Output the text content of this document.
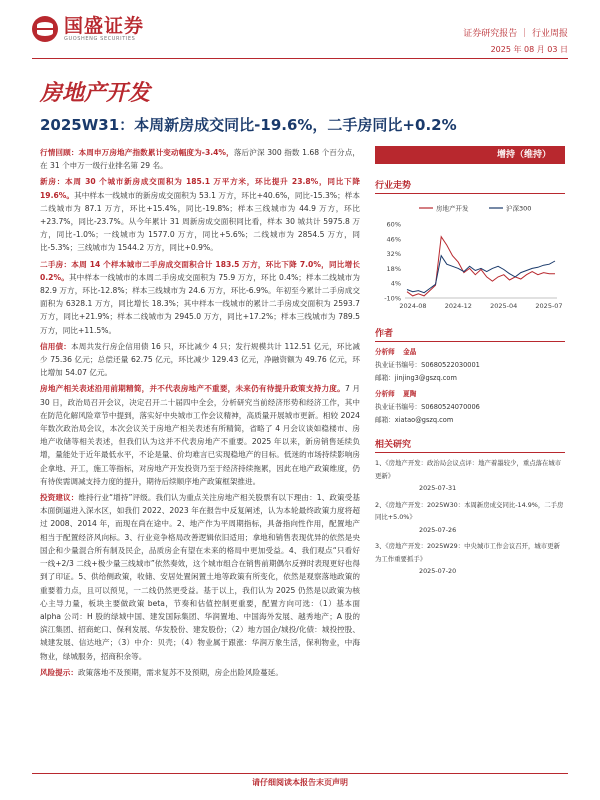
国盛证券
GUOSHENG SECURITIES	证券研究报告 ｜ 行业周报
2025 年 08 月 03 日
房地产开发
2025W31：本周新房成交同比-19.6%，二手房同比+0.2%
行情回顾：本周申万房地产指数累计变动幅度为-3.4%，落后沪深 300 指数 1.68 个百分点，在 31 个申万一级行业排名第 29 名。
新房：本周 30 个城市新房成交面积为 185.1 万平方米，环比提升 23.8%，同比下降 19.6%。其中样本一线城市的新房成交面积为 53.1 万方，环比+40.6%，同比-15.3%；样本二线城市为 87.1 万方，环比+15.4%，同比-19.8%；样本三线城市为 44.9 万方，环比+23.7%，同比-23.7%。从今年累计 31 周新房成交面积同比看，样本 30 城共计 5975.8 万方，同比-1.0%；一线城市为 1577.0 万方，同比+5.6%；二线城市为 2854.5 万方，同比-5.3%；三线城市为 1544.2 万方，同比+0.9%。
二手房：本周 14 个样本城市二手房成交面积合计 183.5 万方，环比下降 7.0%，同比增长 0.2%。其中样本一线城市的本周二手房成交面积为 75.9 万方，环比 0.4%；样本二线城市为 82.9 万方，环比-12.8%；样本三线城市为 24.6 万方，环比-6.9%。年初至今累计二手房成交面积为 6328.1 万方，同比增长 18.3%；其中样本一线城市的累计二手房成交面积为 2593.7 万方，同比+21.9%；样本二线城市为 2945.0 万方，同比+17.2%；样本三线城市为 789.5 万方，同比+11.5%。
信用债：本周共发行房企信用债 16 只，环比减少 4 只；发行规模共计 112.51 亿元，环比减少 75.36 亿元；总偿还量 62.75 亿元，环比减少 129.43 亿元，净融资额为 49.76 亿元，环比增加 54.07 亿元。
房地产相关表述沿用前期精简，并不代表房地产不重要，未来仍有待提升政策支持力度。7 月 30 日，政治局召开会议，决定召开二十届四中全会，分析研究当前经济形势和经济工作，其中在防范化解风险章节中提到，落实好中央城市工作会议精神，高质量开展城市更新。相较 2024 年数次政治局会议，本次会议关于房地产相关表述有所精简，省略了 4 月会议谈如稳楼市、房地产收储等相关表述，但我们认为这并不代表房地产不重要。2025 年以来，新房销售延续负增，量能处于近年最低水平，不论是量、价均难言已实现稳地产的目标。低迷的市场持续影响房企拿地、开工，施工等指标，对房地产开发投资乃至于经济持续拖累，因此在地产政策维度，仍有待俟需调减支持力度的提升，期待后续顺序地产政策框架推进。
投资建议：维持行业“增持”评级。我们认为重点关注房地产相关股票有以下理由：1、政策受基本面倒逼进入深水区，如我们 2022、2023 年在报告中反复阐述，认为本轮最终政策力度将超过 2008、2014 年，而现在尚在途中。2、地产作为平周期指标，具备指向性作用，配置地产相当于配置经济风向标。3、行业竞争格局改善逻辑依旧适用；拿地和销售表现优异的依然是央国企和少量混合所有制及民企，品质房企有望在未来的格局中更加受益。4、我们观点“只看好一线+2/3 二线+极少量三线城市”依然奏效，这个城市组合在销售前期偶尔反弹时表现更好也得到了印证。5、供给侧政策，收储、安居处置闲置土地等政策有所变化，依然是观察落地政策的重要着力点，且可以预见，一二线仍然更受益。基于以上，我们认为 2025 仍然是以政策为核心主导力量，板块主要做政策 beta，节奏和估值控制更重要，配置方向可选：（1）基本面 alpha 公司：H 股的绿城中国、建发国际集团、华润置地、中国海外发展、越秀地产；A 股的滨江集团、招商蛇口、保利发展、华发股份、建发股份；（2）地方国企/城投/化债：城投控股、城建发展、信达地产；（3）中介：贝壳；（4）物业属于跟涨：华润万象生活，保利物业，中海物业，绿城服务，招商积余等。
风险提示：政策落地不及预期，需求复苏不及预期，房企出险风险蔓延。
增持（维持）
行业走势
-10%
4%
18%
32%
46%
60%
2024-08	2024-12	2025-04	2025-07
房地产开发	沪深300
作者
分析师 金晶
执业证书编号：S0680522030001
邮箱：jinjing3@gszq.com
分析师 夏陶
执业证书编号：S0680524070006
邮箱：xiatao@gszq.com
相关研究
1、《房地产开发：政治局会议点评：地产着墨较少，重点落在城市更新》
2025-07-31
2、《房地产开发：2025W30：本周新房成交同比-14.9%，二手房同比+5.0%》
2025-07-26
3、《房地产开发：2025W29：中央城市工作会议召开，城市更新为工作重要抓手》
2025-07-20
请仔细阅读本报告末页声明
